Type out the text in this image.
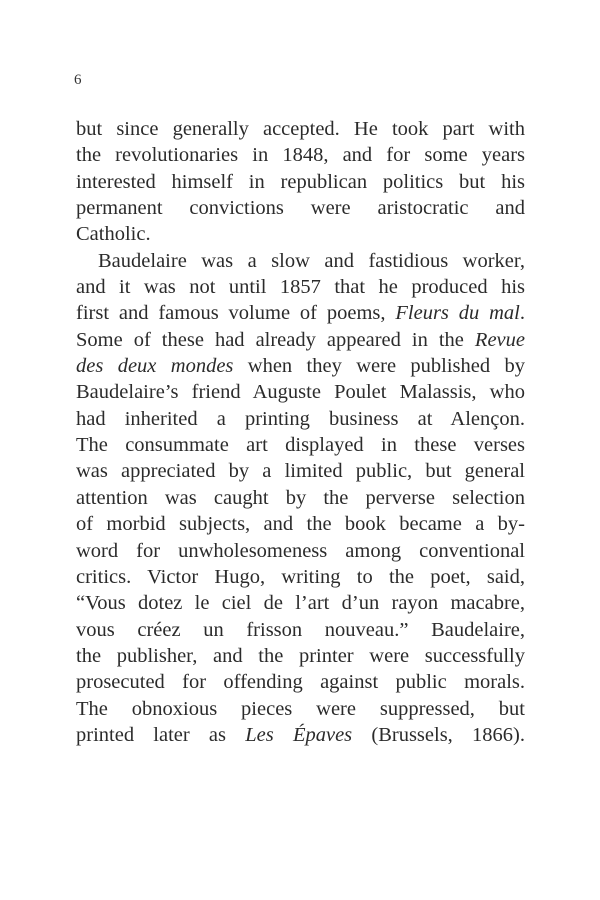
6
but since generally accepted. He took part with
the revolutionaries in 1848, and for some years
interested himself in republican politics but his
permanent convictions were aristocratic and
Catholic.
Baudelaire was a slow and fastidious worker,
and it was not until 1857 that he produced his
first and famous volume of poems, Fleurs du mal.
Some of these had already appeared in the Revue
des deux mondes when they were published by
Baudelaire’s friend Auguste Poulet Malassis, who
had inherited a printing business at Alençon.
The consummate art displayed in these verses
was appreciated by a limited public, but general
attention was caught by the perverse selection
of morbid subjects, and the book became a by-
word for unwholesomeness among conventional
critics. Victor Hugo, writing to the poet, said,
“Vous dotez le ciel de l’art d’un rayon macabre,
vous créez un frisson nouveau.” Baudelaire,
the publisher, and the printer were successfully
prosecuted for offending against public morals.
The obnoxious pieces were suppressed, but
printed later as Les Épaves (Brussels, 1866).
